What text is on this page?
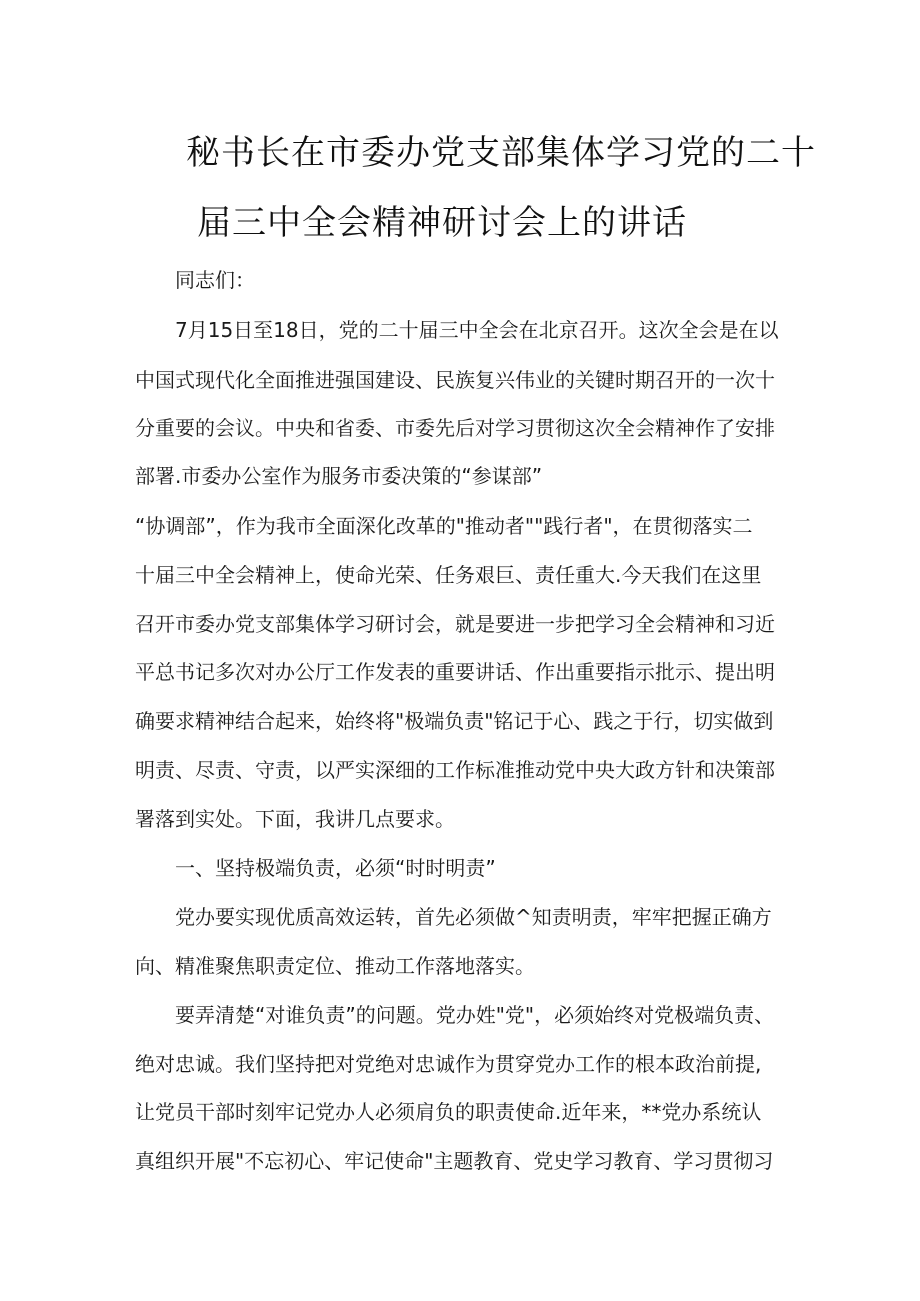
秘书长在市委办党支部集体学习党的二十
届三中全会精神研讨会上的讲话

同志们：

7月15日至18日，党的二十届三中全会在北京召开。这次全会是在以

中国式现代化全面推进强国建设、民族复兴伟业的关键时期召开的一次十

分重要的会议。中央和省委、市委先后对学习贯彻这次全会精神作了安排

部署.市委办公室作为服务市委决策的“参谋部”

“协调部”，作为我市全面深化改革的"推动者""践行者"，在贯彻落实二

十届三中全会精神上，使命光荣、任务艰巨、责任重大.今天我们在这里

召开市委办党支部集体学习研讨会，就是要进一步把学习全会精神和习近

平总书记多次对办公厅工作发表的重要讲话、作出重要指示批示、提出明

确要求精神结合起来，始终将"极端负责"铭记于心、践之于行，切实做到

明责、尽责、守责，以严实深细的工作标准推动党中央大政方针和决策部

署落到实处。下面，我讲几点要求。

一、坚持极端负责，必须“时时明责”

党办要实现优质高效运转，首先必须做^知责明责，牢牢把握正确方

向、精准聚焦职责定位、推动工作落地落实。

要弄清楚“对谁负责”的问题。党办姓"党"，必须始终对党极端负责、

绝对忠诚。我们坚持把对党绝对忠诚作为贯穿党办工作的根本政治前提,

让党员干部时刻牢记党办人必须肩负的职责使命.近年来，**党办系统认

真组织开展"不忘初心、牢记使命"主题教育、党史学习教育、学习贯彻习
